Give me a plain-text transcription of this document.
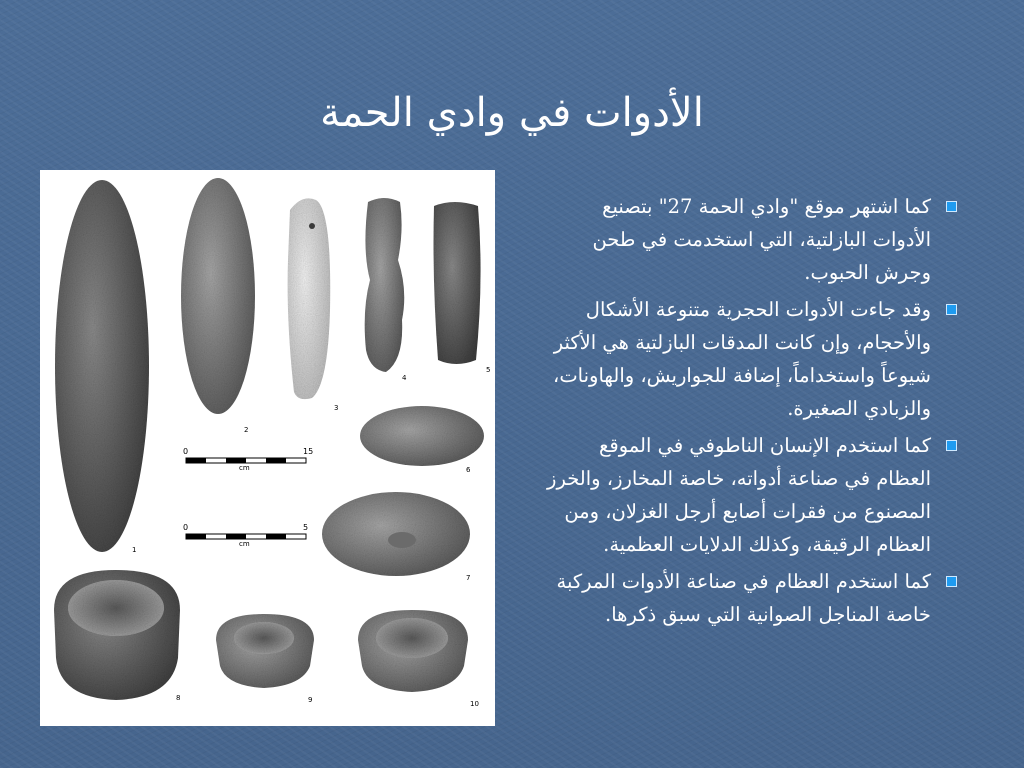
الأدوات في وادي الحمة
0	15
cm
0	5
cm
1
2
3
4
5
6
7
8	9	10
كما اشتهر موقع "وادي الحمة 27" بتصنيع الأدوات البازلتية، التي استخدمت في طحن وجرش الحبوب.
وقد جاءت الأدوات الحجرية متنوعة الأشكال والأحجام، وإن كانت المدقات البازلتية هي الأكثر شيوعاً واستخداماً، إضافة للجواريش، والهاونات، والزبادي الصغيرة.
كما استخدم الإنسان الناطوفي في الموقع العظام في صناعة أدواته، خاصة المخارز، والخرز المصنوع من فقرات أصابع أرجل الغزلان، ومن العظام الرقيقة، وكذلك الدلايات العظمية.
كما استخدم العظام في صناعة الأدوات المركبة خاصة المناجل الصوانية التي سبق ذكرها.
